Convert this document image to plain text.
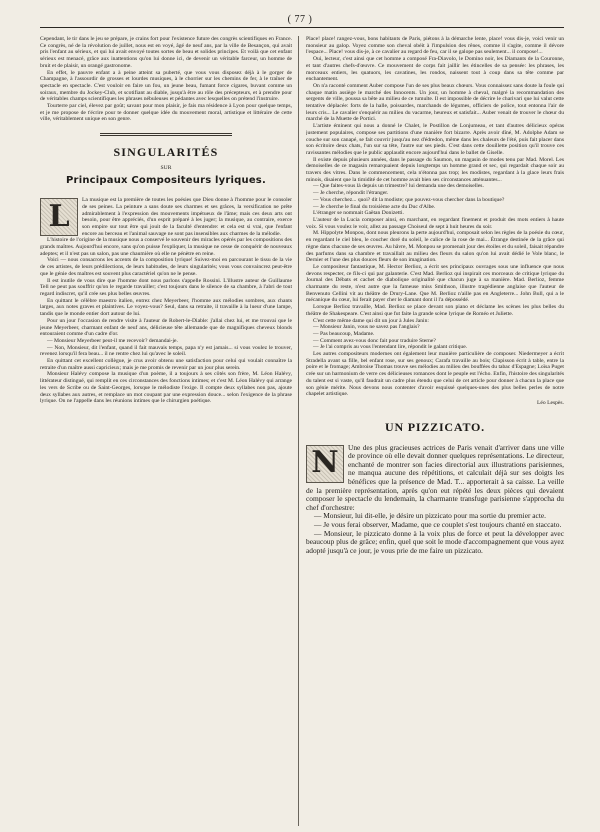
( 77 )

Cependant, le tir dans le jeu se prépare, je crains fort pour l'existence future des congrès scientifiques en France. Ce congrès, né de la révolution de juillet, nous est en voyé, âgé de neuf ans, par la ville de Besançon, qui avait pris l'enfant au sérieux, et qui lui avait envoyé toutes sortes de beau et solides principes. Et voilà que cet enfant sérieux est menacé, grâce aux inattentions qu'on lui donne ici, de devenir un véritable farceur, un homme de bruit et de plaisir, un orangé gastronome.

En effet, le pauvre enfant a à peine atteint sa puberté, que vous vous disposez déjà à le gorger de Champagne, à l'assourdir de grosses et lourdes musiques, à le chorrier sur les chemins de fer, à le traîner de spectacle en spectacle. C'est vouloir en faire un fou, un jeune beau, fumant force cigares, buvant comme un soiraux, membre du Jockey-Club, et scotifiant au diable, jusqu'à être au rôle des précepteurs, et à prendre pour de véritables champs scientifiques les phrases nébuleuses et pédantes avec lesquelles on prétend l'instruire.

Tourterre par ciel, élevez par goût; savant pour mon plaisir, je fais ma résidence à Lyon pour quelque temps, et je me propose de t'écrire pour te donner quelque idée du mouvement moral, artistique et littéraire de cette ville, véritablement unique en son genre.

SINGULARITÉS
SUR
Principaux Compositeurs lyriques.
L	La musique est la première de toutes les poésies que Dieu donne à l'homme pour le consoler de ses peines. La peinture a sans doute ses charmes et ses grâces, la versification ne prête admirablement à l'expression des mouvements impétueux de l'âme; mais ces deux arts ont besoin, pour être appréciés, d'un esprit préparé à les juger; la musique, au contraire, exerce son empire sur tout être qui jouit de la faculté d'entendre: et cela est si vrai, que l'enfant encore au berceau et l'animal sauvage ne sont pas insensibles aux charmes de la mélodie.

L'histoire de l'origine de la musique nous a conservé le souvenir des miracles opérés par les compositions des grands maîtres. Aujourd'hui encore, sans qu'on puisse l'expliquer, la musique ne cesse de conquérir de nouveaux adeptes; et il n'est pas un salon, pas une chaumière où elle ne pénètre en reine.

Voici — nous consacrons les accents de la composition lyrique! Suivez-moi en parcourant le tissu de la vie de ces artistes, de leurs prédilections, de leurs habitudes, de leurs singularités; vous vous convaincrez peut-être que le génie des maîtres est souvent plus caractériel qu'on ne le pense.

Il est inutile de vous dire que l'homme dont nous parlons s'appelle Rossini. L'illustre auteur de Guillaume Tell ne peut pas souffrir qu'on le regarde travailler; c'est toujours dans le silence de sa chambre, à l'abri de tout regard indiscret, qu'il crée ses plus belles œuvres.

En quittant le célèbre maestro italien, entrez chez Meyerbeer, l'homme aux mélodies sombres, aux chants larges, aux notes graves et plaintives. Le voyez-vous? Seul, dans sa retraite, il travaille à la lueur d'une lampe, tandis que le monde entier dort autour de lui.

Pour un jour l'occasion de rendre visite à l'auteur de Robert-le-Diable: j'allai chez lui, et me trouvai que le jeune Meyerbeer, charmant enfant de neuf ans, délicieuse tête allemande que de magnifiques cheveux blonds entouraient comme d'un cadre d'or.

— Monsieur Meyerbeer peut-il me recevoir? demandai-je.

— Non, Monsieur, dit l'enfant, quand il fait mauvais temps, papa n'y est jamais... si vous voulez le trouver, revenez lorsqu'il fera beau... il ne rentre chez lui qu'avec le soleil.

En quittant cet excellent collègue, je crus avoir obtenu une satisfaction pour celui qui voulait connaître la retraite d'un maître aussi capricieux; mais je me promis de revenir par un jour plus serein.

Monsieur Halévy compose la musique d'un poème, il a toujours à ses côtés son frère, M. Léon Halévy, littérateur distingué, qui remplit en ces circonstances des fonctions intimes; et c'est M. Léon Halévy qui arrange les vers de Scribe ou de Saint-Georges, lorsque le mélodiste l'exige. Il compte deux syllabes non pas, ajoute deux syllabes aux autres, et remplace un mot coupant par une expression douce... selon l'exigence de la phrase lyrique. On ne l'appelle dans les réunions intimes que le chirurgien poétique.

Place! place! rangez-vous, bons habitants de Paris, piétons à la démarche lente, place! vous dis-je, voici venir un monsieur au galop. Voyez comme son cheval obéit à l'impulsion des rênes, comme il s'agite, comme il dévore l'espace... Place! vous dis-je, à ce cavalier au regard de feu, car il se galope pas seulement... il compose!...

Oui, lecteur, c'est ainsi que cet homme a composé Fra-Diavolo, le Domino noir, les Diamants de la Couronne, et tant d'autres chefs-d'œuvre. Ce mouvement de corps fait jaillir les étincelles de sa pensée: les phrases, les morceaux entiers, les quatuors, les cavatines, les rondos, naissent tout à coup dans sa tête comme par enchantement.

On n'a raconté comment Auber compose l'un de ses plus beaux chœurs. Vous connaissez sans doute la foule qui chaque matin assiège le marché des Innocents. Un jour, un homme à cheval, malgré la recommandation des sergents de ville, poussa sa bête au milieu de ce tumulte. Il est impossible de décrire le charivari que lui valut cette tentative déplacée: forts de la halle, poissardes, marchands de légumes, officiers de police, tout entonna l'air de leurs cris... Le cavalier s'enquérir au milieu du vacarme, heureux et satisfait... Auber venait de trouver le chœur du marché de la Muette de Portici.

L'artiste éminent qui nous a donné le Chalet, le Postillon de Lonjumeau, et tant d'autres délicieux opéras justement populaires, compose ses partitions d'une manière fort bizarre. Après avoir dîné, M. Adolphe Adam se couche sur son canapé, se fait couvrir jusqu'au nez d'édredon, même dans les chaleurs de l'été, puis fait placer dans son écritoire deux chats, l'un sur sa tête, l'autre sur ses pieds. C'est dans cette douillette position qu'il trouve ces ravissantes mélodies que le public applaudit encore aujourd'hui dans le ballet de Giselle.

Il existe depuis plusieurs années, dans le passage du Saumon, un magasin de modes tenu par Mad. Morel. Les demoiselles de ce magasin remarquaient depuis longtemps un homme grand et sec, qui regardait chaque soir au travers des vitres. Dans le commencement, cela n'étonna pas trop; les modistes, regardant à la glace leurs frais minois, disaient que la timidité de cet homme avait bien ses circonstances atténuantes...

— Que faites-vous là depuis un trimestre? lui demanda une des demoiselles.

— Je cherche, répondit l'étranger.

— Vous cherchez... quoi? dit la modiste; que pouvez-vous chercher dans la boutique?

— Je cherche le final du troisième acte du Duc d'Albe.

L'étranger se nommait Gaëtan Donizetti.

L'auteur de la Lucia composer ainsi, en marchant, en regardant finement et produit des mots entiers à haute voix. Si vous voulez le voir, allez au passage Choiseul de sept à huit heures du soir.

M. Hippolyte Monpou, dont nous pleurons la perte aujourd'hui, composait selon les règles de la poésie du cœur, en regardant le ciel bleu, le coucher doré du soleil, le calice de la rose de mai... Étrange destinée de la grâce qui règne dans chacune de ses œuvres. Au hâvre, M. Monpou se promenait jour des étoiles et du soleil, faisait répandre des parfums dans sa chambre et travaillait au milieu des fleurs du salon qu'on lui avait dédié le Vole blanc, le Dernier et l'une des plus douces fleurs de son imagination.

Le compositeur fantastique, M. Hector Berlioz, a écrit ses principaux ouvrages sous une influence que nous devons respecter, ce fils-ci qui par galanterie. C'est Mad. Berlioz qui inspirait ces morceaux de critique lyrique du Journal des Débats et cachet de diabolique originalité que chacun juge à sa manière. Mad. Berlioz, femme charmante du reste, n'est autre que la fameuse miss Smithson, illustre tragédienne anglaise que l'auteur de Benvenuto Cellini vit au théâtre de Drury-Lane. Que M. Berlioz n'aille pas en Angleterre... John Bull, qui a le mécanique du cœur, lui ferait payer cher le diamant dont il l'a dépossédé.

Lorsque Berlioz travaille, Mad. Berlioz se place devant son piano et déclame les scènes les plus belles du théâtre de Shakespeare. C'est ainsi que fut faite la grande scène lyrique de Roméo et Juliette.

C'est cette même dame qui dit un jour à Jules Janin:

— Monsieur Janin, vous ne savez pas l'anglais?

— Pas beaucoup, Madame.

— Comment avez-vous donc fait pour traduire Sterne?

— Je l'ai compris au vous l'entendant lire, répondit le galant critique.

Les autres compositeurs modernes ont également leur manière particulière de composer. Niedermeyer a écrit Stradella avant sa fille, bel enfant rose, sur ses genoux; Carafa travaille au bois; Clapisson écrit à table, entre la poire et le fromage; Ambroise Thomas trouve ses mélodies au milieu des bouffées du tabac d'Espagne; Loïsa Puget crée sur un harmonium de verre ces délicieuses romances dont le peuple est l'écho. Enfin, l'histoire des singularités du talent est si vaste, qu'il faudrait un cadre plus étendu que celui de cet article pour donner à chacun la place que son génie mérite. Nous devons nous contenter d'avoir esquissé quelques-unes des plus belles perles de notre chapelet artistique.

Léo Lespès.
UN PIZZICATO.
N	Une des plus gracieuses actrices de Paris venait d'arriver dans une ville de province où elle devait donner quelques représentations. Le directeur, enchanté de montrer son facies directorial aux illustrations parisiennes, ne manqua aucune des répétitions, et calculait déjà sur ses doigts les bénéfices que la présence de Mad. T... apporterait à sa caisse. La veille de la première représentation, après qu'on eut répété les deux pièces qui devaient composer le spectacle du lendemain, la charmante transfuge parisienne s'approcha du chef d'orchestre:

— Monsieur, lui dit-elle, je désire un pizzicato pour ma sortie du premier acte.

— Je vous ferai observer, Madame, que ce couplet s'est toujours chanté en staccato.

— Monsieur, le pizzicato donne à la voix plus de force et peut la développer avec beaucoup plus de grâce; enfin, quel que soit le mode d'accompagnement que vous ayez adopté jusqu'à ce jour, je vous prie de me faire un pizzicato.
